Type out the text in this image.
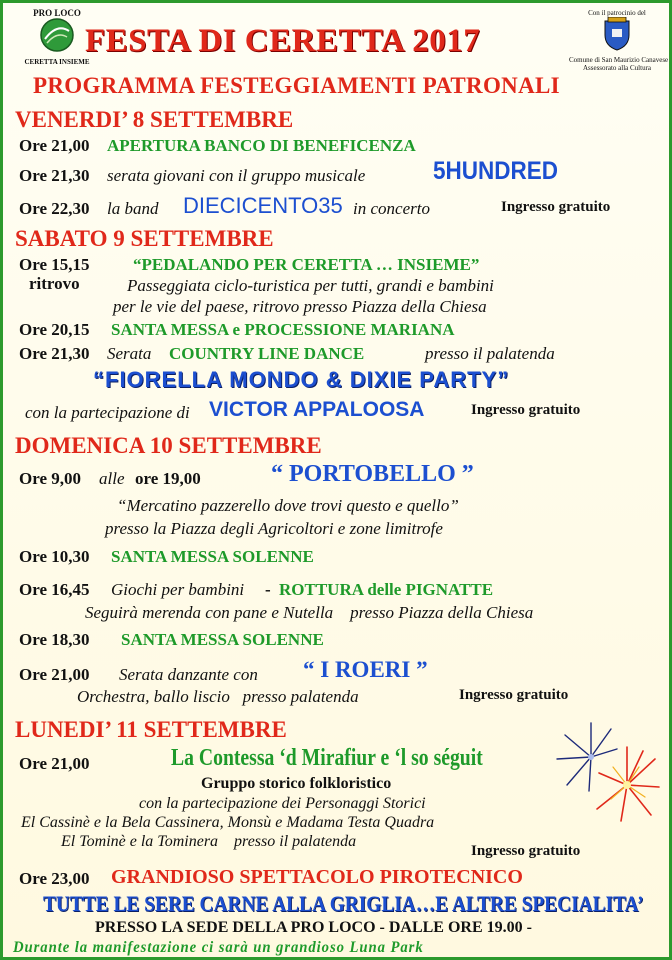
PRO LOCO
CERETTA INSIEME
FESTA DI CERETTA 2017
Con il patrocinio del
Comune di San Maurizio Canavese
Assessorato alla Cultura
PROGRAMMA FESTEGGIAMENTI PATRONALI
VENERDI’ 8 SETTEMBRE
Ore 21,00 APERTURA BANCO DI BENEFICENZA
Ore 21,30 serata giovani con il gruppo musicale	5HUNDRED
Ore 22,30 la band DIECICENTO35 in concerto	Ingresso gratuito
SABATO 9 SETTEMBRE
Ore 15,15
ritrovo
“PEDALANDO PER CERETTA … INSIEME”
Passeggiata ciclo-turistica per tutti, grandi e bambini
per le vie del paese, ritrovo presso Piazza della Chiesa
Ore 20,15 SANTA MESSA e PROCESSIONE MARIANA
Ore 21,30 Serata COUNTRY LINE DANCE	presso il palatenda
“FIORELLA MONDO & DIXIE PARTY”
con la partecipazione di VICTOR APPALOOSA	Ingresso gratuito
DOMENICA 10 SETTEMBRE
Ore 9,00 alle ore 19,00	“ PORTOBELLO ”
“Mercatino pazzerello dove trovi questo e quello”
presso la Piazza degli Agricoltori e zone limitrofe
Ore 10,30 SANTA MESSA SOLENNE
Ore 16,45 Giochi per bambini - ROTTURA delle PIGNATTE
Seguirà merenda con pane e Nutella    presso Piazza della Chiesa
Ore 18,30 SANTA MESSA SOLENNE
Ore 21,00 Serata danzante con “ I ROERI ”
Orchestra, ballo liscio   presso palatenda	Ingresso gratuito
LUNEDI’ 11 SETTEMBRE
Ore 21,00	La Contessa ‘d Mirafiur e ‘l so séguit
Gruppo storico folkloristico
con la partecipazione dei Personaggi Storici
El Cassinè e la Bela Cassinera, Monsù e Madama Testa Quadra
El Tominè e la Tominera    presso il palatenda
Ingresso gratuito
Ore 23,00 GRANDIOSO SPETTACOLO PIROTECNICO
TUTTE LE SERE CARNE ALLA GRIGLIA…E ALTRE SPECIALITA’
PRESSO LA SEDE DELLA PRO LOCO - DALLE ORE 19.00 -
Durante la manifestazione ci sarà un grandioso Luna Park
